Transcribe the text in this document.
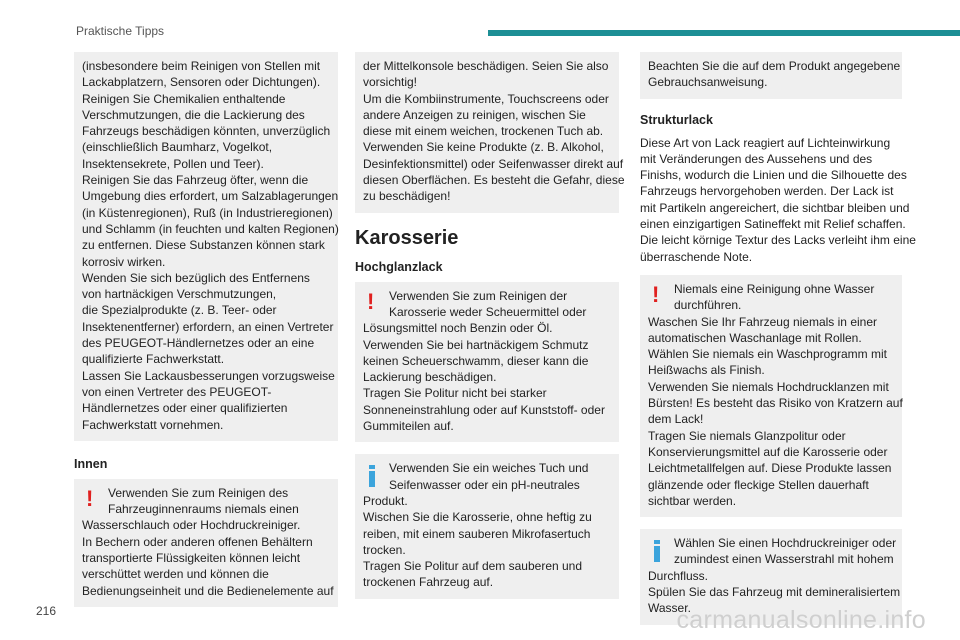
Praktische Tipps
(insbesondere beim Reinigen von Stellen mit
Lackabplatzern, Sensoren oder Dichtungen).
Reinigen Sie Chemikalien enthaltende
Verschmutzungen, die die Lackierung des
Fahrzeugs beschädigen könnten, unverzüglich
(einschließlich Baumharz, Vogelkot,
Insektensekrete, Pollen und Teer).
Reinigen Sie das Fahrzeug öfter, wenn die
Umgebung dies erfordert, um Salzablagerungen
(in Küstenregionen), Ruß (in Industrieregionen)
und Schlamm (in feuchten und kalten Regionen)
zu entfernen. Diese Substanzen können stark
korrosiv wirken.
Wenden Sie sich bezüglich des Entfernens
von hartnäckigen Verschmutzungen,
die Spezialprodukte (z. B. Teer- oder
Insektenentferner) erfordern, an einen Vertreter
des PEUGEOT-Händlernetzes oder an eine
qualifizierte Fachwerkstatt.
Lassen Sie Lackausbesserungen vorzugsweise
von einen Vertreter des PEUGEOT-
Händlernetzes oder einer qualifizierten
Fachwerkstatt vornehmen.
Innen
!	Verwenden Sie zum Reinigen des
Fahrzeuginnenraums niemals einen
Wasserschlauch oder Hochdruckreiniger.
In Bechern oder anderen offenen Behältern
transportierte Flüssigkeiten können leicht
verschüttet werden und können die
Bedienungseinheit und die Bedienelemente auf
der Mittelkonsole beschädigen. Seien Sie also
vorsichtig!
Um die Kombiinstrumente, Touchscreens oder
andere Anzeigen zu reinigen, wischen Sie
diese mit einem weichen, trockenen Tuch ab.
Verwenden Sie keine Produkte (z. B. Alkohol,
Desinfektionsmittel) oder Seifenwasser direkt auf
diesen Oberflächen. Es besteht die Gefahr, diese
zu beschädigen!
Karosserie
Hochglanzlack
!	Verwenden Sie zum Reinigen der
Karosserie weder Scheuermittel oder
Lösungsmittel noch Benzin oder Öl.
Verwenden Sie bei hartnäckigem Schmutz
keinen Scheuerschwamm, dieser kann die
Lackierung beschädigen.
Tragen Sie Politur nicht bei starker
Sonneneinstrahlung oder auf Kunststoff- oder
Gummiteilen auf.
Verwenden Sie ein weiches Tuch und
Seifenwasser oder ein pH-neutrales
Produkt.
Wischen Sie die Karosserie, ohne heftig zu
reiben, mit einem sauberen Mikrofasertuch
trocken.
Tragen Sie Politur auf dem sauberen und
trockenen Fahrzeug auf.
Beachten Sie die auf dem Produkt angegebene
Gebrauchsanweisung.
Strukturlack
Diese Art von Lack reagiert auf Lichteinwirkung
mit Veränderungen des Aussehens und des
Finishs, wodurch die Linien und die Silhouette des
Fahrzeugs hervorgehoben werden. Der Lack ist
mit Partikeln angereichert, die sichtbar bleiben und
einen einzigartigen Satineffekt mit Relief schaffen.
Die leicht körnige Textur des Lacks verleiht ihm eine
überraschende Note.
!	Niemals eine Reinigung ohne Wasser
durchführen.
Waschen Sie Ihr Fahrzeug niemals in einer
automatischen Waschanlage mit Rollen.
Wählen Sie niemals ein Waschprogramm mit
Heißwachs als Finish.
Verwenden Sie niemals Hochdrucklanzen mit
Bürsten! Es besteht das Risiko von Kratzern auf
dem Lack!
Tragen Sie niemals Glanzpolitur oder
Konservierungsmittel auf die Karosserie oder
Leichtmetallfelgen auf. Diese Produkte lassen
glänzende oder fleckige Stellen dauerhaft
sichtbar werden.
Wählen Sie einen Hochdruckreiniger oder
zumindest einen Wasserstrahl mit hohem
Durchfluss.
Spülen Sie das Fahrzeug mit demineralisiertem
Wasser.
216	carmanualsonline.info
